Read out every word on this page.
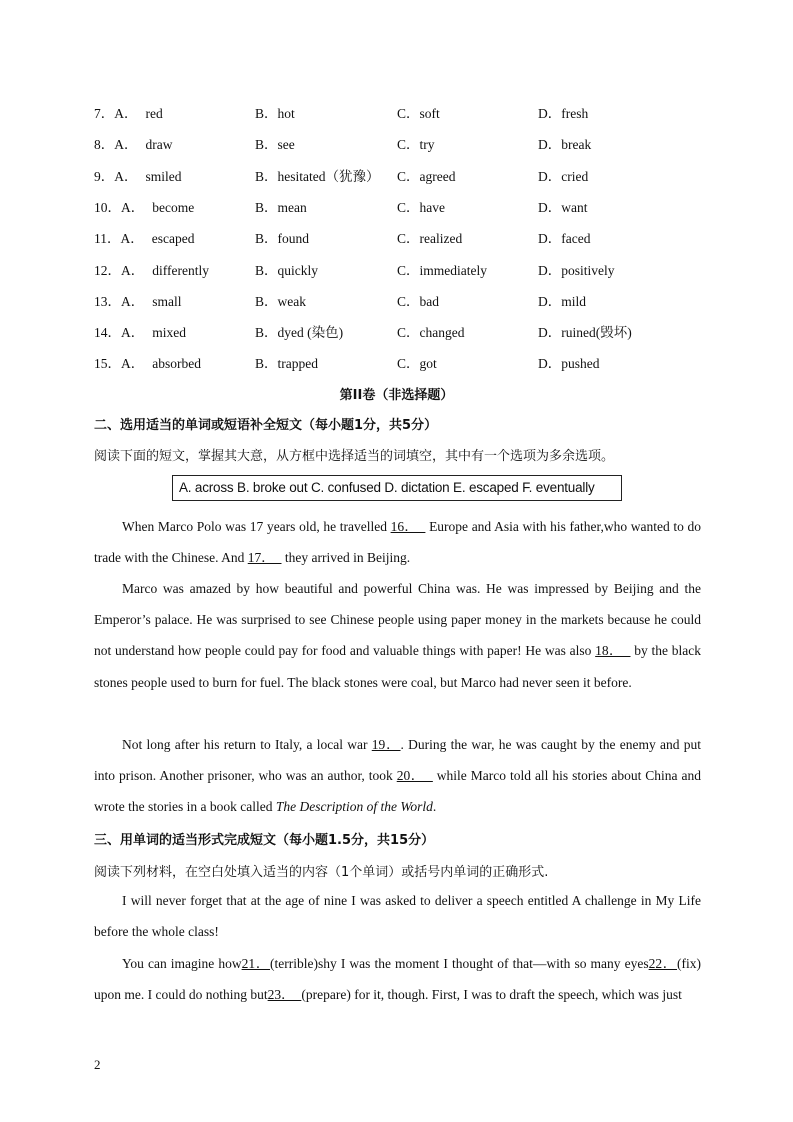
7．A． red	B．hot	C．soft	D．fresh
8．A． draw	B．see	C．try	D．break
9．A． smiled	B．hesitated（犹豫） C．agreed	D．cried
10．A． become	B．mean	C．have	D．want
11．A． escaped	B．found	C．realized	D．faced
12．A． differently	B．quickly	C．immediately	D．positively
13．A． small	B．weak	C．bad	D．mild
14．A． mixed	B．dyed (染色)	C．changed	D．ruined(毁坏)
15．A． absorbed	B．trapped	C．got	D．pushed
第II卷（非选择题）
二、选用适当的单词或短语补全短文（每小题1分，共5分）
阅读下面的短文，掌握其大意，从方框中选择适当的词填空，其中有一个选项为多余选项。
A. across B. broke out C. confused D. dictation E. escaped F. eventually
When Marco Polo was 17 years old, he travelled 16．   Europe and Asia with his father,who wanted to do trade with the Chinese. And 17．   they arrived in Beijing.
Marco was amazed by how beautiful and powerful China was. He was impressed by Beijing and the Emperor’s palace. He was surprised to see Chinese people using paper money in the markets because he could not understand how people could pay for food and valuable things with paper! He was also 18．   by the black stones people used to burn for fuel. The black stones were coal, but Marco had never seen it before.
Not long after his return to Italy, a local war 19．. During the war, he was caught by the enemy and put into prison. Another prisoner, who was an author, took 20．   while Marco told all his stories about China and wrote the stories in a book called The Description of the World.
三、用单词的适当形式完成短文（每小题1.5分，共15分）
阅读下列材料，在空白处填入适当的内容（1个单词）或括号内单词的正确形式.
I will never forget that at the age of nine I was asked to deliver a speech entitled A challenge in My Life before the whole class!
You can imagine how21．(terrible)shy I was the moment I thought of that—with so many eyes22．(fix) upon me. I could do nothing but23．  (prepare) for it, though. First, I was to draft the speech, which was just
2
